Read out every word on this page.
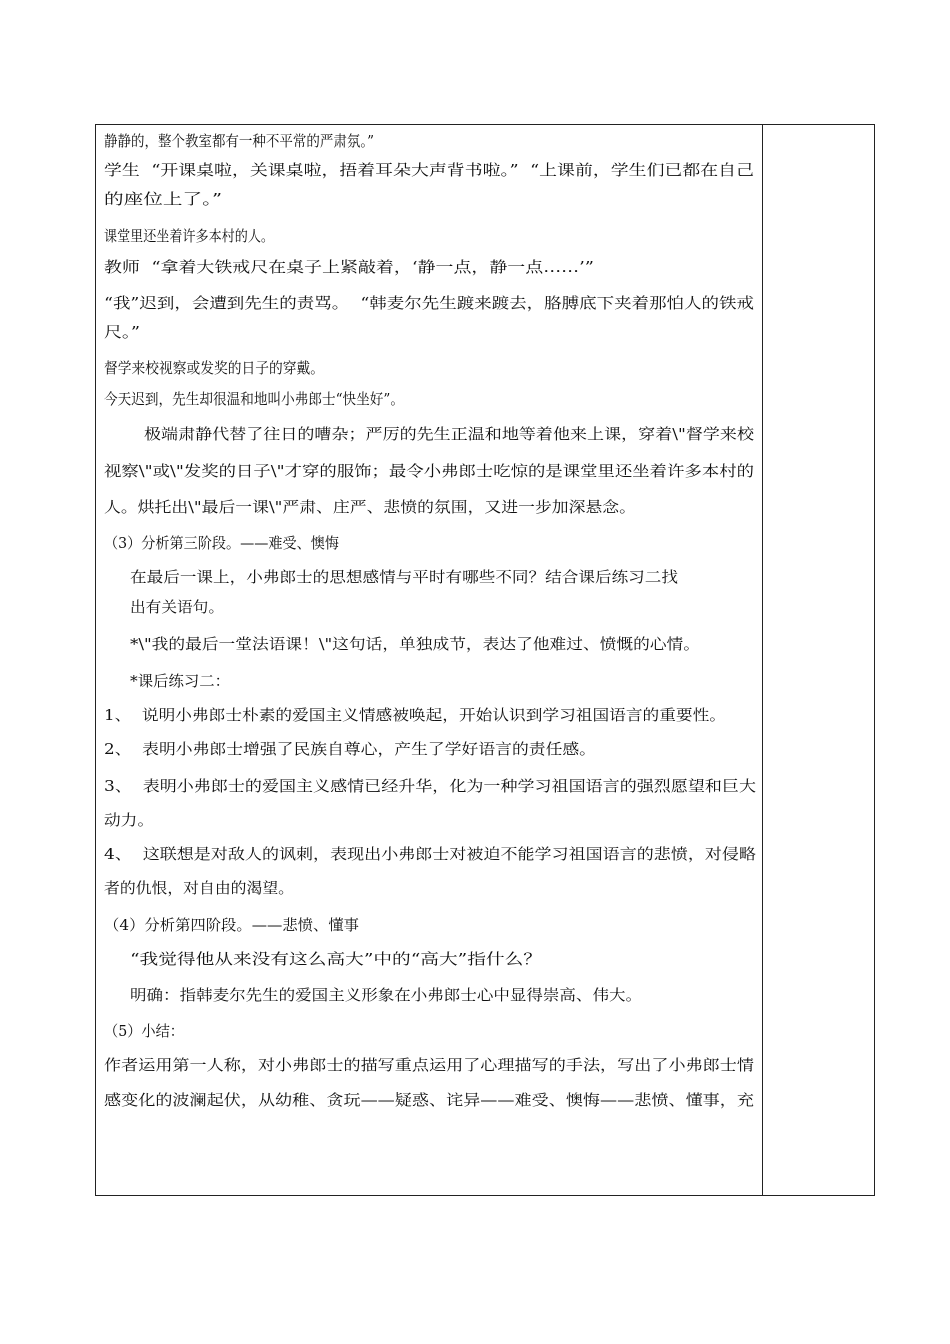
静静的，整个教室都有一种不平常的严肃氛。”
学生  “开课桌啦，关课桌啦，捂着耳朵大声背书啦。”  “上课前，学生们已都在自己
的座位上了。”
课堂里还坐着许多本村的人。
教师  “拿着大铁戒尺在桌子上紧敲着，‘静一点，静一点……’”
“我”迟到，会遭到先生的责骂。  “韩麦尔先生踱来踱去，胳膊底下夹着那怕人的铁戒
尺。”
督学来校视察或发奖的日子的穿戴。
今天迟到，先生却很温和地叫小弗郎士“快坐好”。
极端肃静代替了往日的嘈杂；严厉的先生正温和地等着他来上课，穿着\"督学来校
视察\"或\"发奖的日子\"才穿的服饰；最令小弗郎士吃惊的是课堂里还坐着许多本村的
人。烘托出\"最后一课\"严肃、庄严、悲愤的氛围，又进一步加深悬念。
（3）分析第三阶段。——难受、懊悔
在最后一课上，小弗郎士的思想感情与平时有哪些不同？结合课后练习二找
出有关语句。
*\"我的最后一堂法语课！\"这句话，单独成节，表达了他难过、愤慨的心情。
*课后练习二：
1、  说明小弗郎士朴素的爱国主义情感被唤起，开始认识到学习祖国语言的重要性。
2、  表明小弗郎士增强了民族自尊心，产生了学好语言的责任感。
3、  表明小弗郎士的爱国主义感情已经升华，化为一种学习祖国语言的强烈愿望和巨大
动力。
4、  这联想是对敌人的讽刺，表现出小弗郎士对被迫不能学习祖国语言的悲愤，对侵略
者的仇恨，对自由的渴望。
（4）分析第四阶段。——悲愤、懂事
“我觉得他从来没有这么高大”中的“高大”指什么？
明确：指韩麦尔先生的爱国主义形象在小弗郎士心中显得崇高、伟大。
（5）小结：
作者运用第一人称，对小弗郎士的描写重点运用了心理描写的手法，写出了小弗郎士情
感变化的波澜起伏，从幼稚、贪玩——疑惑、诧异——难受、懊悔——悲愤、懂事，充
